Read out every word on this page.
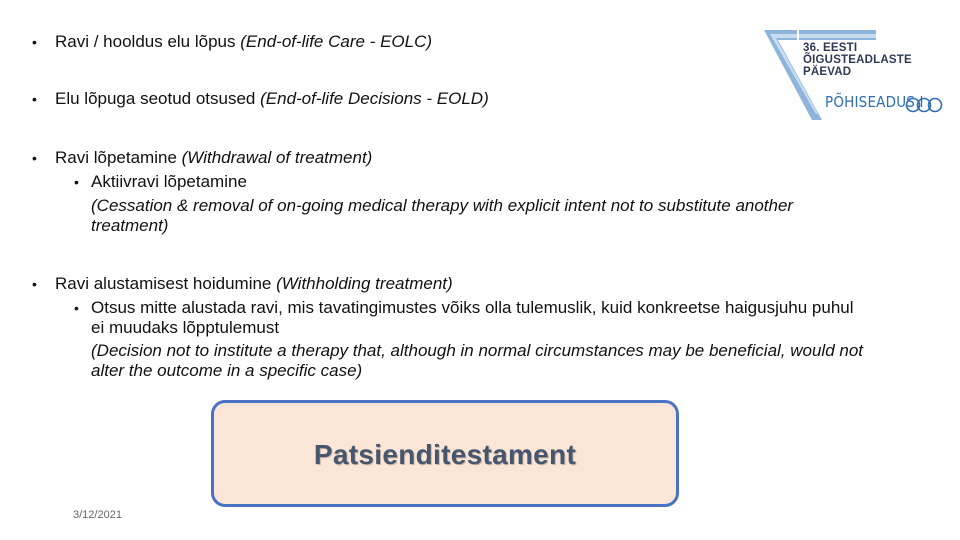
• Ravi / hooldus elu lõpus (End-of-life Care - EOLC)
• Elu lõpuga seotud otsused (End-of-life Decisions - EOLD)
• Ravi lõpetamine (Withdrawal of treatment)
• Aktiivravi lõpetamine
(Cessation & removal of on-going medical therapy with explicit intent not to substitute another treatment)
• Ravi alustamisest hoidumine (Withholding treatment)
• Otsus mitte alustada ravi, mis tavatingimustes võiks olla tulemuslik, kuid konkreetse haigusjuhu puhul ei muudaks lõpptulemust
(Decision not to institute a therapy that, although in normal circumstances may be beneficial, would not alter the outcome in a specific case)
36. EESTI
ÕIGUSTEADLASTE
PÄEVAD
PÕHISEADUS I
Patsienditestament
3/12/2021
